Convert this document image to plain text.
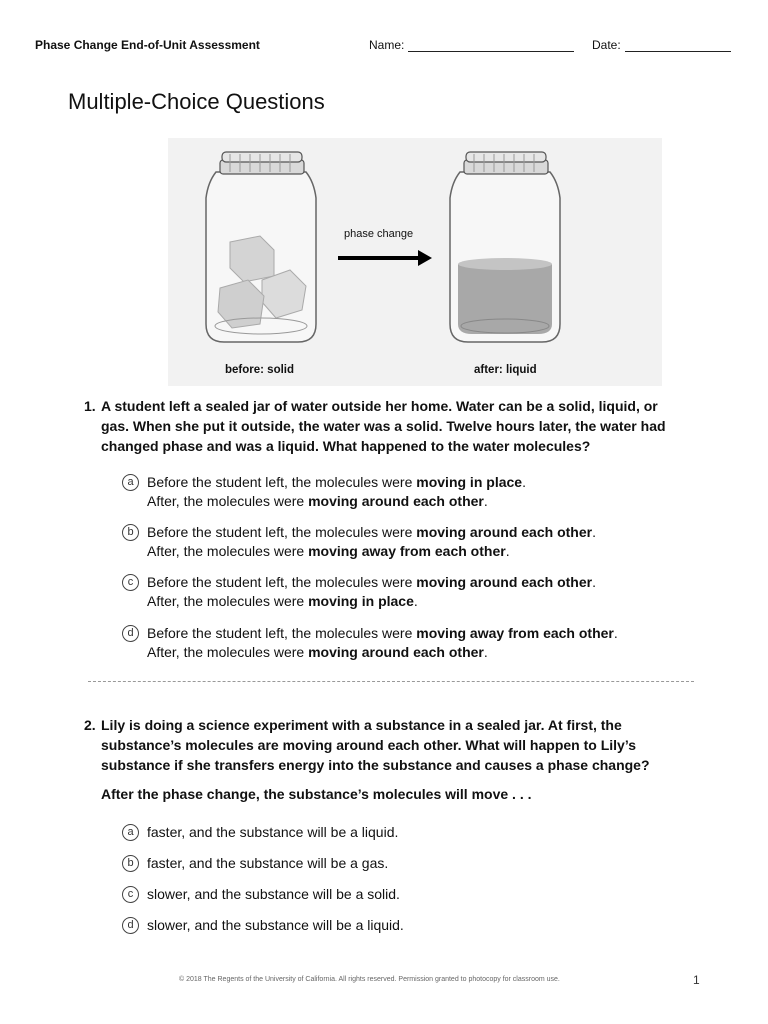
Phase Change End-of-Unit Assessment	Name:	Date:
Multiple-Choice Questions
phase change
before: solid	after: liquid
1. A student left a sealed jar of water outside her home. Water can be a solid, liquid, or
gas. When she put it outside, the water was a solid. Twelve hours later, the water had
changed phase and was a liquid. What happened to the water molecules?
a Before the student left, the molecules were moving in place.
After, the molecules were moving around each other.
b Before the student left, the molecules were moving around each other.
After, the molecules were moving away from each other.
c Before the student left, the molecules were moving around each other.
After, the molecules were moving in place.
d Before the student left, the molecules were moving away from each other.
After, the molecules were moving around each other.
2. Lily is doing a science experiment with a substance in a sealed jar. At first, the
substance’s molecules are moving around each other. What will happen to Lily’s
substance if she transfers energy into the substance and causes a phase change?
After the phase change, the substance’s molecules will move . . .
a faster, and the substance will be a liquid.
b faster, and the substance will be a gas.
c slower, and the substance will be a solid.
d slower, and the substance will be a liquid.
© 2018 The Regents of the University of California. All rights reserved. Permission granted to photocopy for classroom use.	1
